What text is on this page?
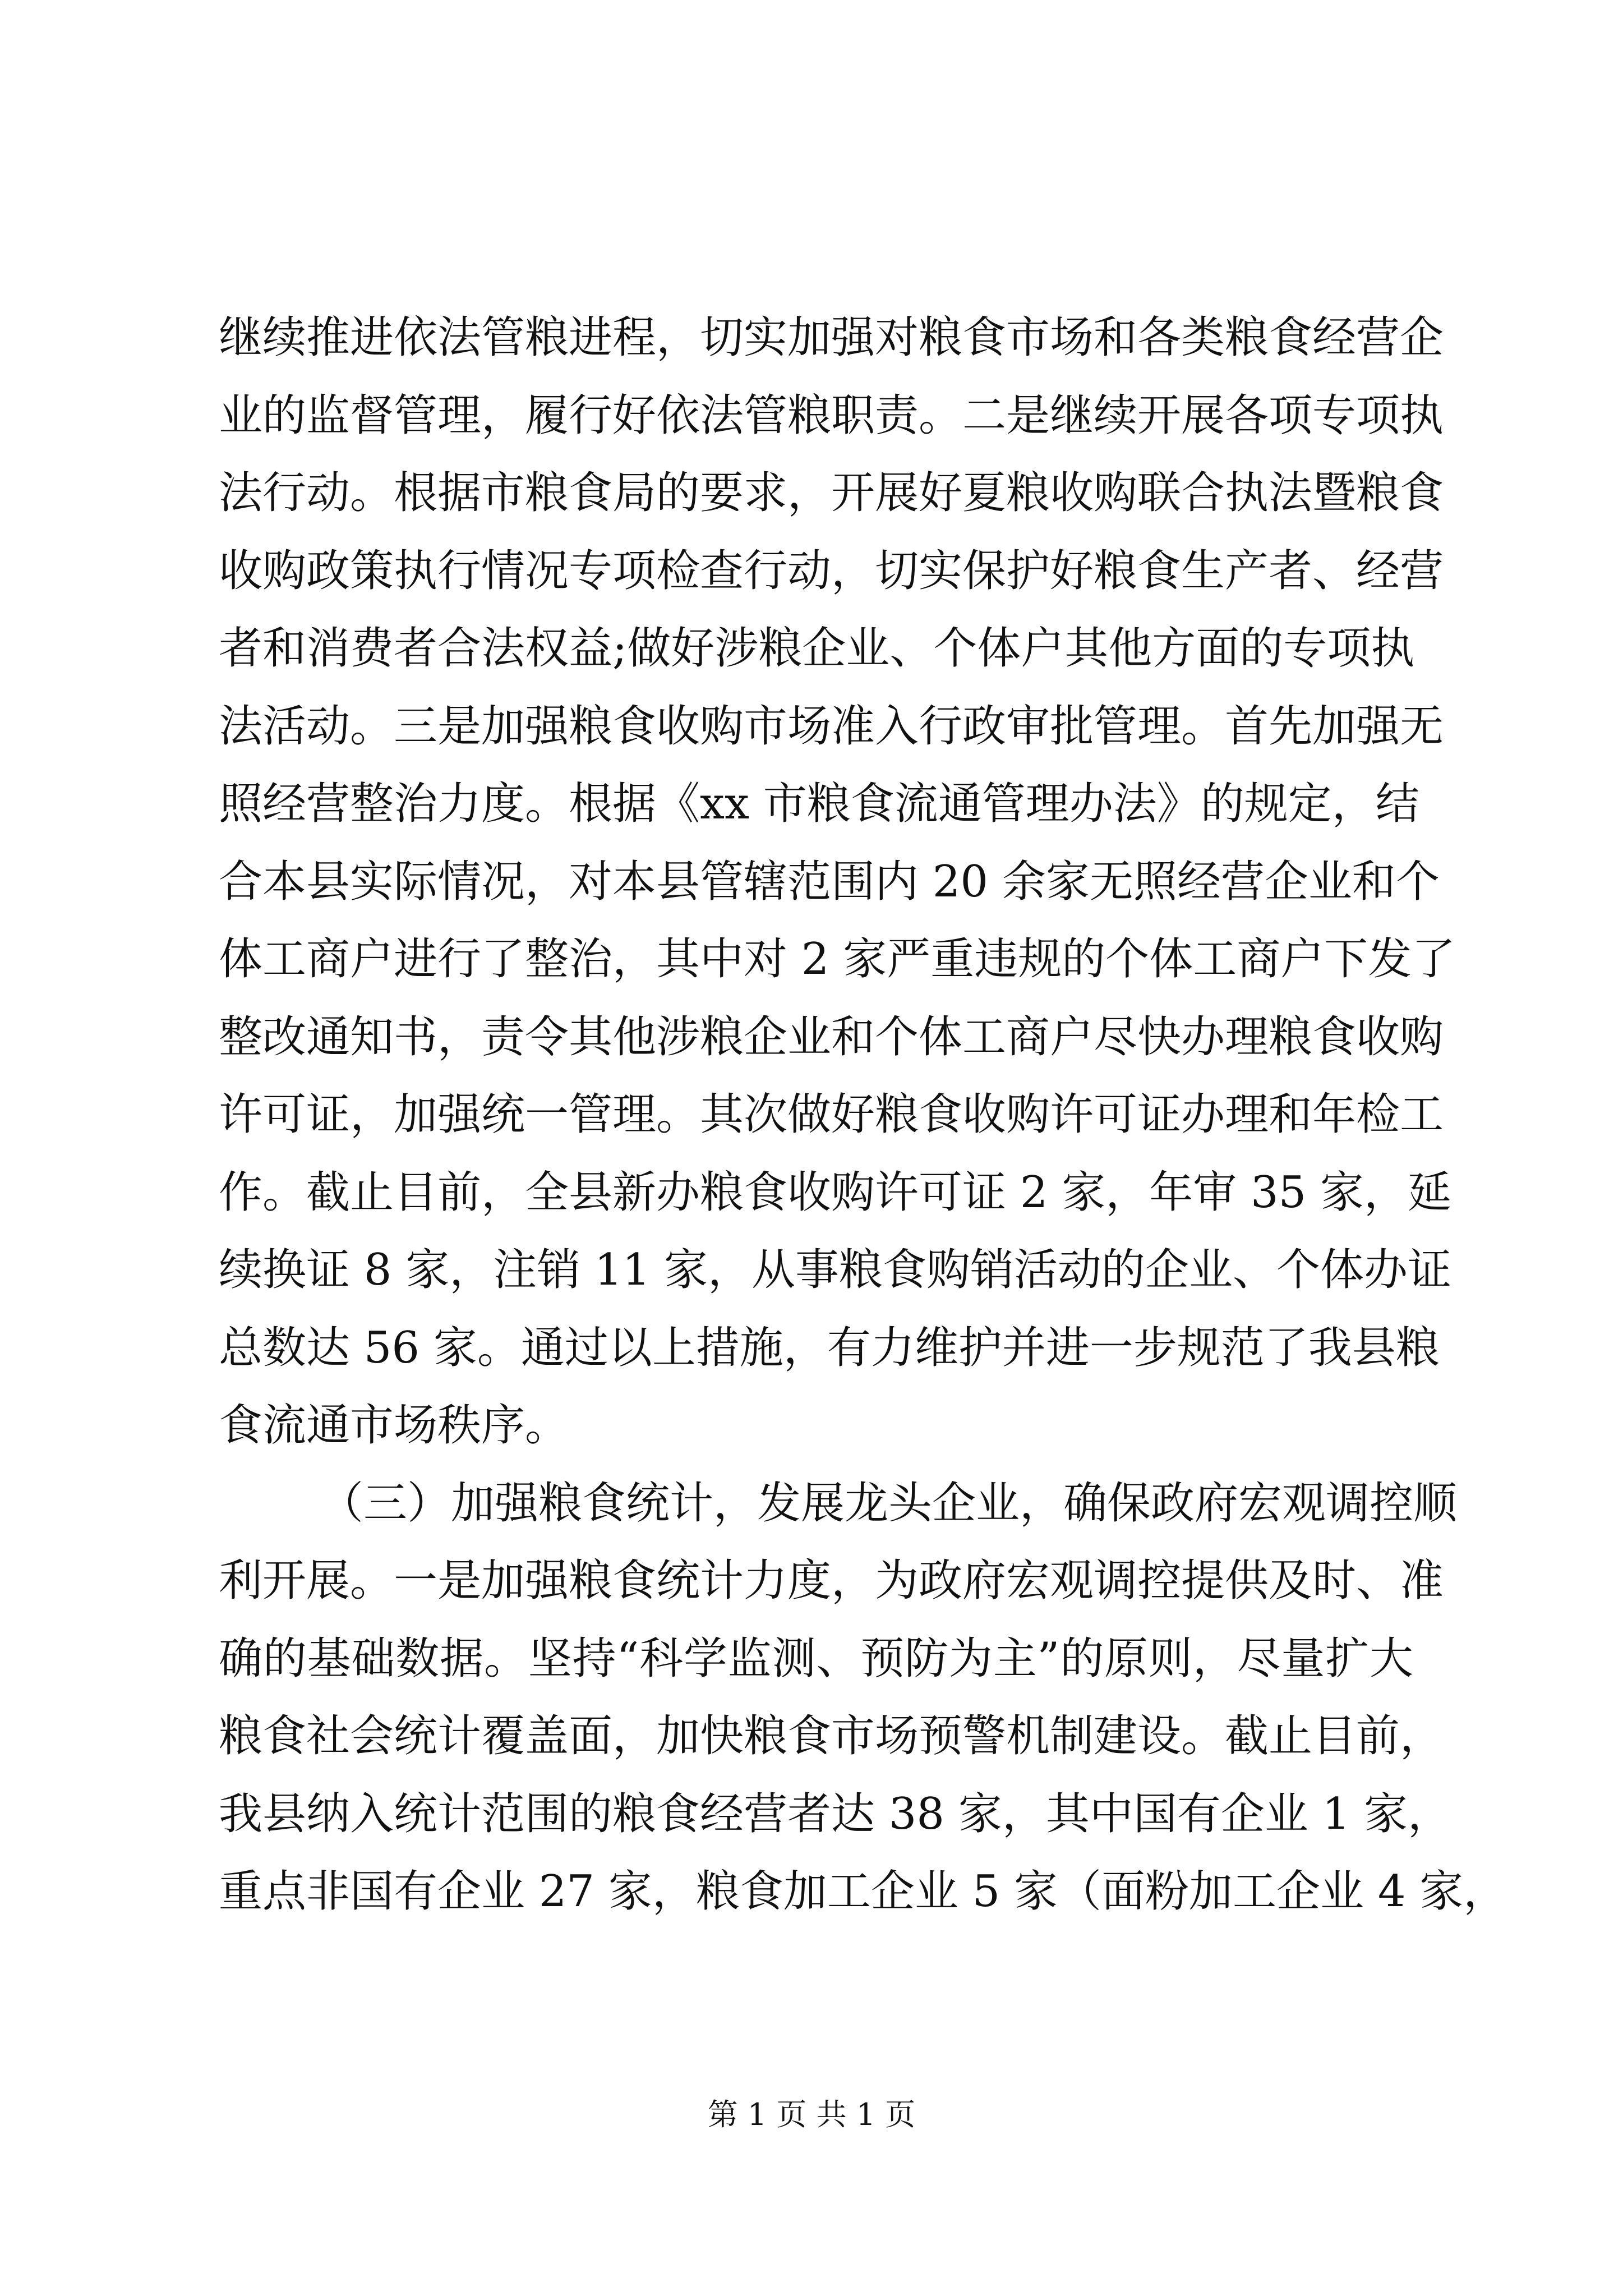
继续推进依法管粮进程，切实加强对粮食市场和各类粮食经营企
业的监督管理，履行好依法管粮职责。二是继续开展各项专项执
法行动。根据市粮食局的要求，开展好夏粮收购联合执法暨粮食
收购政策执行情况专项检查行动，切实保护好粮食生产者、经营
者和消费者合法权益;做好涉粮企业、个体户其他方面的专项执
法活动。三是加强粮食收购市场准入行政审批管理。首先加强无
照经营整治力度。根据《xx 市粮食流通管理办法》的规定，结
合本县实际情况，对本县管辖范围内 20 余家无照经营企业和个
体工商户进行了整治，其中对 2 家严重违规的个体工商户下发了
整改通知书，责令其他涉粮企业和个体工商户尽快办理粮食收购
许可证，加强统一管理。其次做好粮食收购许可证办理和年检工
作。截止目前，全县新办粮食收购许可证 2 家，年审 35 家，延
续换证 8 家，注销 11 家，从事粮食购销活动的企业、个体办证
总数达 56 家。通过以上措施，有力维护并进一步规范了我县粮
食流通市场秩序。
（三）加强粮食统计，发展龙头企业，确保政府宏观调控顺
利开展。一是加强粮食统计力度，为政府宏观调控提供及时、准
确的基础数据。坚持“科学监测、预防为主”的原则，尽量扩大
粮食社会统计覆盖面，加快粮食市场预警机制建设。截止目前，
我县纳入统计范围的粮食经营者达 38 家，其中国有企业 1 家，
重点非国有企业 27 家，粮食加工企业 5 家（面粉加工企业 4 家，
第 1 页 共 1 页
